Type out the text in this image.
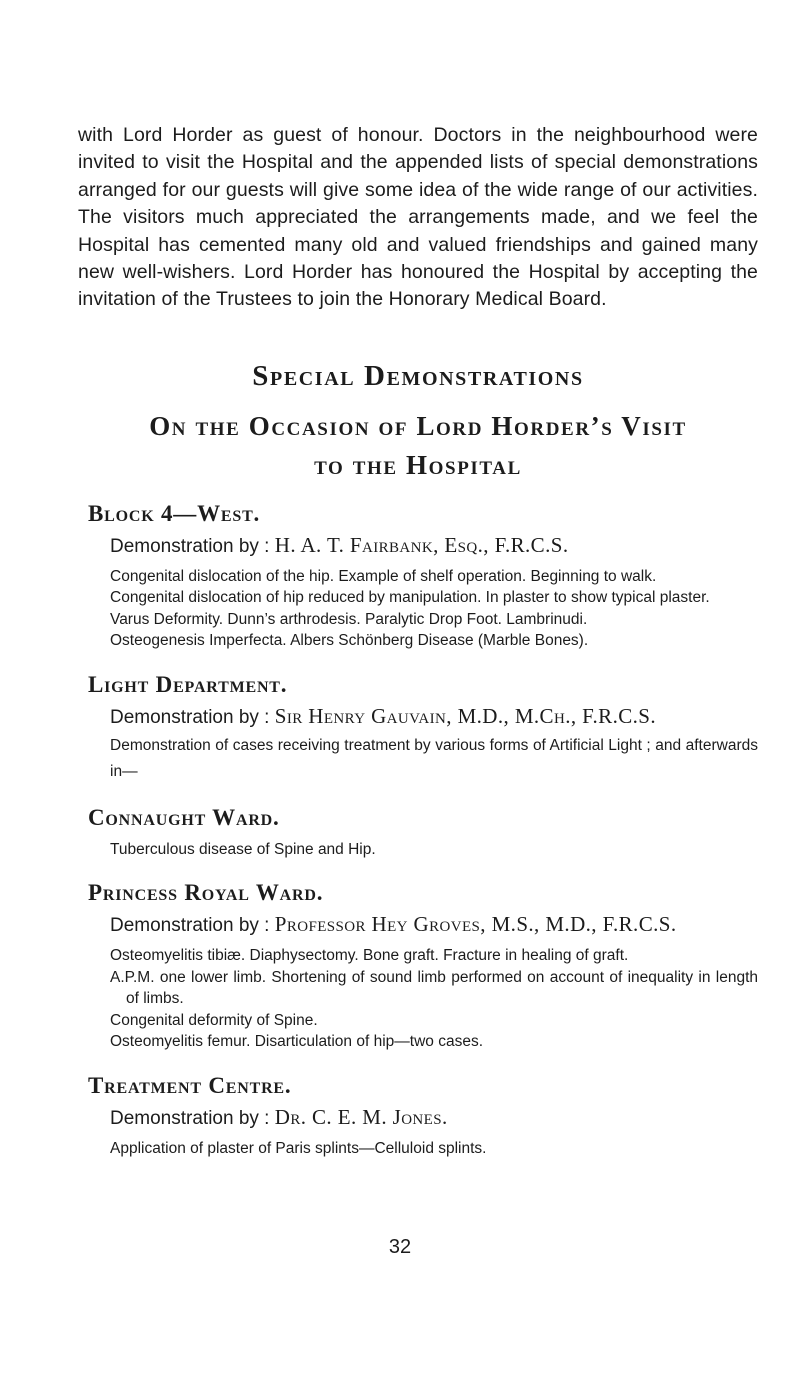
with Lord Horder as guest of honour. Doctors in the neighbourhood were invited to visit the Hospital and the appended lists of special demonstrations arranged for our guests will give some idea of the wide range of our activities. The visitors much appreciated the arrangements made, and we feel the Hospital has cemented many old and valued friendships and gained many new well-wishers. Lord Horder has honoured the Hospital by accepting the invitation of the Trustees to join the Honorary Medical Board.

Special Demonstrations
On the Occasion of Lord Horder’s Visit
to the Hospital
Block 4—West.
Demonstration by : H. A. T. Fairbank, Esq., F.R.C.S.
Congenital dislocation of the hip. Example of shelf operation. Beginning to walk.
Congenital dislocation of hip reduced by manipulation. In plaster to show typical plaster.
Varus Deformity. Dunn’s arthrodesis. Paralytic Drop Foot. Lambrinudi.
Osteogenesis Imperfecta. Albers Schönberg Disease (Marble Bones).
Light Department.
Demonstration by : Sir Henry Gauvain, M.D., M.Ch., F.R.C.S.

Demonstration of cases receiving treatment by various forms of Artificial Light ; and afterwards in—

Connaught Ward.
Tuberculous disease of Spine and Hip.
Princess Royal Ward.
Demonstration by : Professor Hey Groves, M.S., M.D., F.R.C.S.
Osteomyelitis tibiæ. Diaphysectomy. Bone graft. Fracture in healing of graft.
A.P.M. one lower limb. Shortening of sound limb performed on account of inequality in length of limbs.
Congenital deformity of Spine.
Osteomyelitis femur. Disarticulation of hip—two cases.
Treatment Centre.
Demonstration by : Dr. C. E. M. Jones.
Application of plaster of Paris splints—Celluloid splints.
32
